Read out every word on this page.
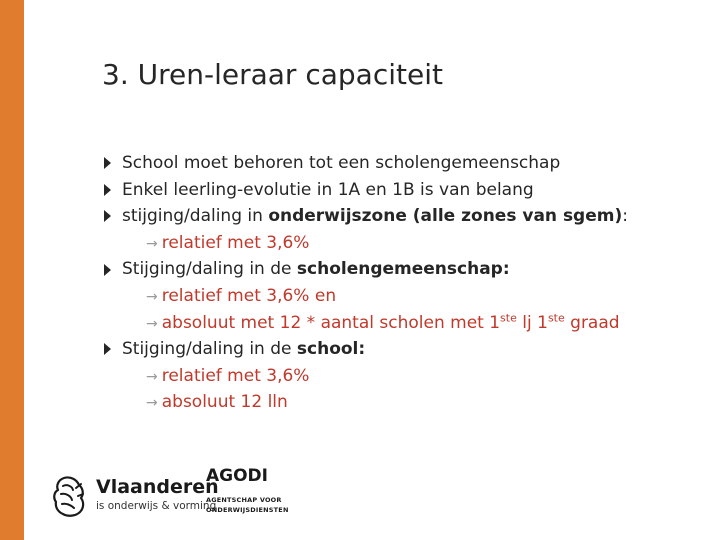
3. Uren-leraar capaciteit
School moet behoren tot een scholengemeenschap
Enkel leerling-evolutie in 1A en 1B is van belang
stijging/daling in onderwijszone (alle zones van sgem):
→ relatief met 3,6%
Stijging/daling in de scholengemeenschap:
→ relatief met 3,6% en
→ absoluut met 12 * aantal scholen met 1ste lj 1ste graad
Stijging/daling in de school:
→ relatief met 3,6%
→ absoluut 12 lln
Vlaanderen
is onderwijs & vorming
AGODI
AGENTSCHAP VOOR
ONDERWIJSDIENSTEN
